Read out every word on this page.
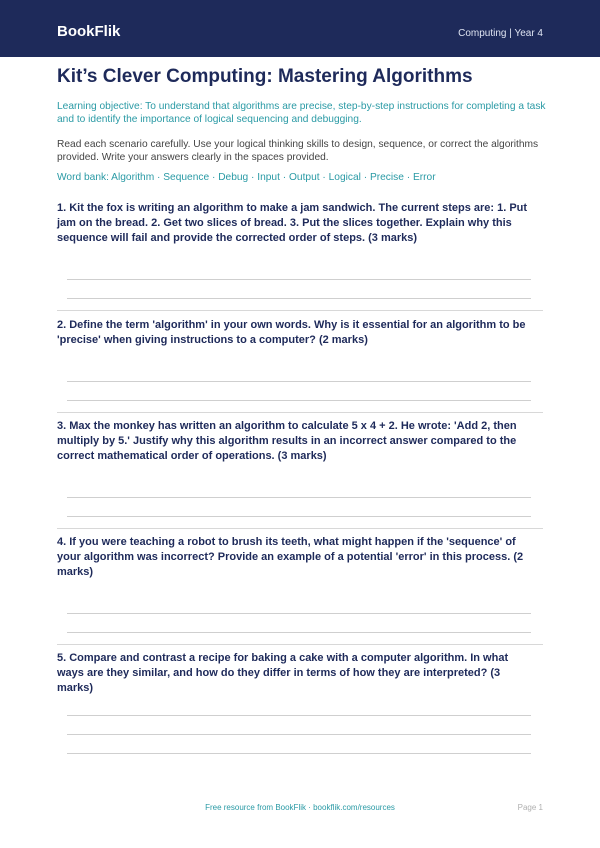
BookFlik	Computing | Year 4
Kit’s Clever Computing: Mastering Algorithms
Learning objective: To understand that algorithms are precise, step-by-step instructions for completing a task and to identify the importance of logical sequencing and debugging.
Read each scenario carefully. Use your logical thinking skills to design, sequence, or correct the algorithms provided. Write your answers clearly in the spaces provided.
Word bank: Algorithm · Sequence · Debug · Input · Output · Logical · Precise · Error
1. Kit the fox is writing an algorithm to make a jam sandwich. The current steps are: 1. Put jam on the bread. 2. Get two slices of bread. 3. Put the slices together. Explain why this sequence will fail and provide the corrected order of steps. (3 marks)
2. Define the term 'algorithm' in your own words. Why is it essential for an algorithm to be 'precise' when giving instructions to a computer? (2 marks)
3. Max the monkey has written an algorithm to calculate 5 x 4 + 2. He wrote: 'Add 2, then multiply by 5.' Justify why this algorithm results in an incorrect answer compared to the correct mathematical order of operations. (3 marks)
4. If you were teaching a robot to brush its teeth, what might happen if the 'sequence' of your algorithm was incorrect? Provide an example of a potential 'error' in this process. (2 marks)
5. Compare and contrast a recipe for baking a cake with a computer algorithm. In what ways are they similar, and how do they differ in terms of how they are interpreted? (3 marks)
Free resource from BookFlik · bookflik.com/resources	Page 1
